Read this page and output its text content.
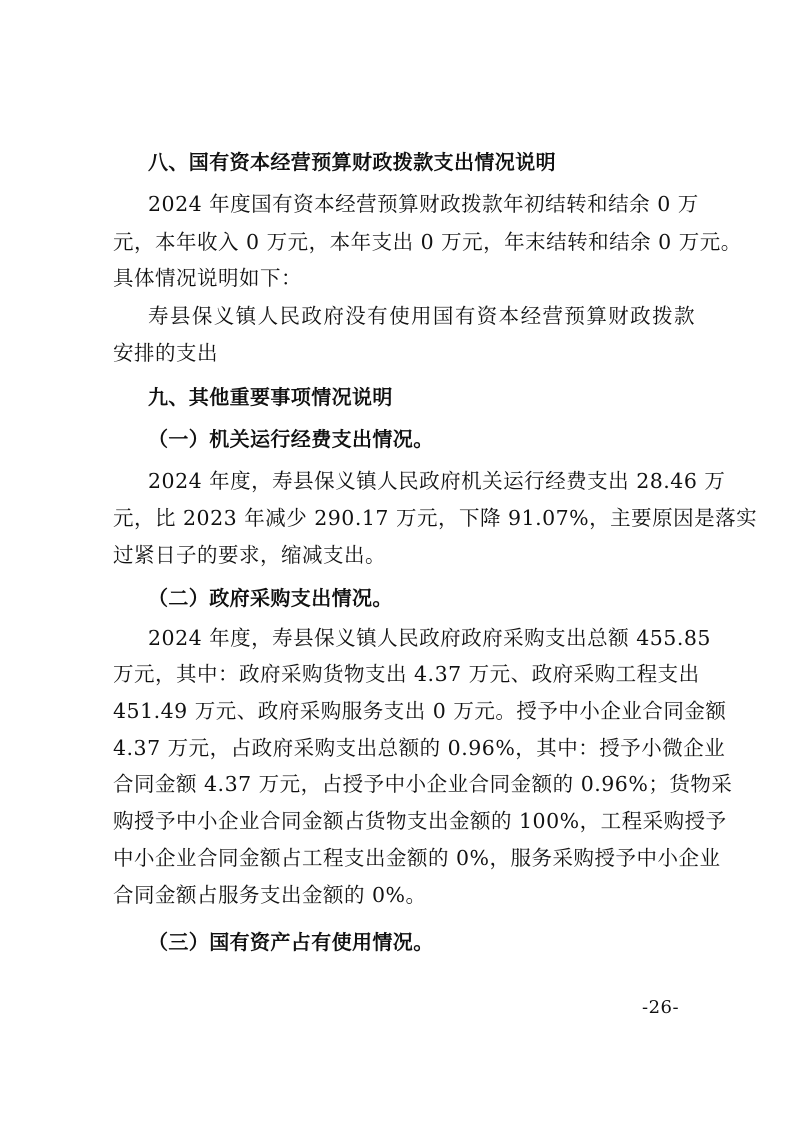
八、国有资本经营预算财政拨款支出情况说明
2024 年度国有资本经营预算财政拨款年初结转和结余 0 万
元，本年收入 0 万元，本年支出 0 万元，年末结转和结余 0 万元。
具体情况说明如下：
寿县保义镇人民政府没有使用国有资本经营预算财政拨款
安排的支出
九、其他重要事项情况说明
（一）机关运行经费支出情况。
2024 年度，寿县保义镇人民政府机关运行经费支出 28.46 万
元，比 2023 年减少 290.17 万元，下降 91.07%，主要原因是落实
过紧日子的要求，缩减支出。
（二）政府采购支出情况。
2024 年度，寿县保义镇人民政府政府采购支出总额 455.85
万元，其中：政府采购货物支出 4.37 万元、政府采购工程支出
451.49 万元、政府采购服务支出 0 万元。授予中小企业合同金额
4.37 万元，占政府采购支出总额的 0.96%，其中：授予小微企业
合同金额 4.37 万元，占授予中小企业合同金额的 0.96%；货物采
购授予中小企业合同金额占货物支出金额的 100%，工程采购授予
中小企业合同金额占工程支出金额的 0%，服务采购授予中小企业
合同金额占服务支出金额的 0%。
（三）国有资产占有使用情况。
-26-
